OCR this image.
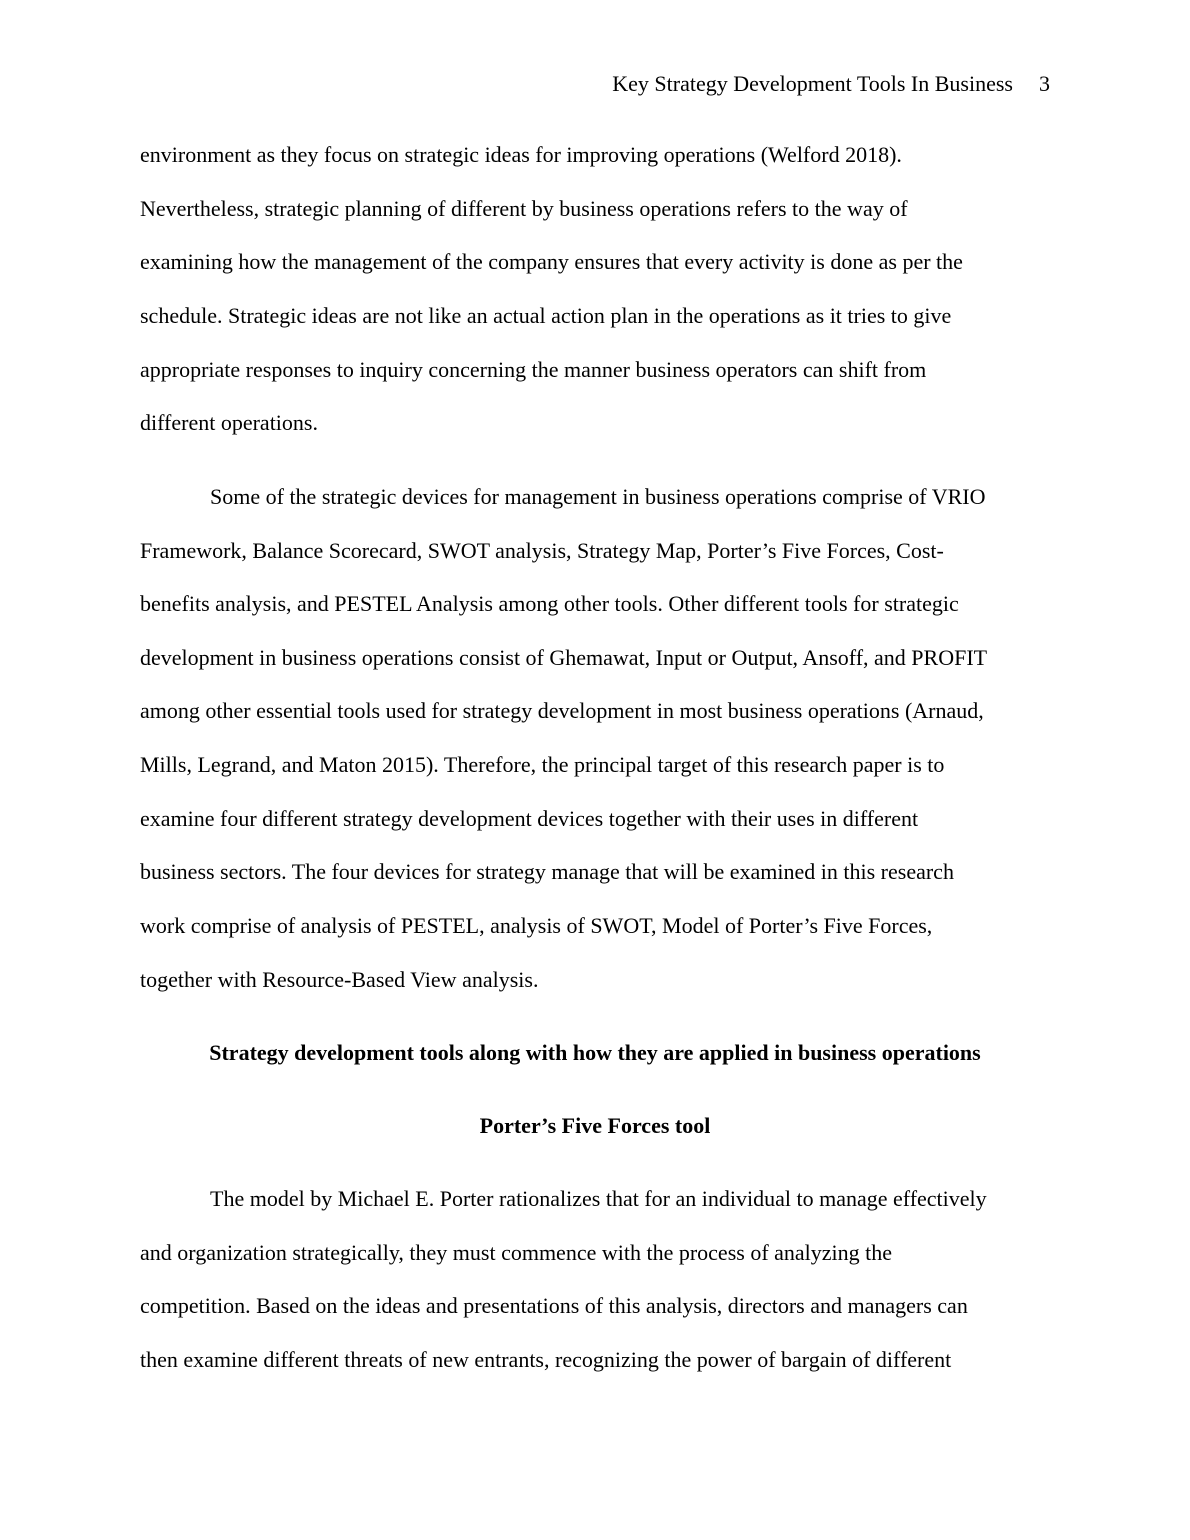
Key Strategy Development Tools In Business 3
environment as they focus on strategic ideas for improving operations (Welford 2018).
Nevertheless, strategic planning of different by business operations refers to the way of
examining how the management of the company ensures that every activity is done as per the
schedule. Strategic ideas are not like an actual action plan in the operations as it tries to give
appropriate responses to inquiry concerning the manner business operators can shift from
different operations.
Some of the strategic devices for management in business operations comprise of VRIO
Framework, Balance Scorecard, SWOT analysis, Strategy Map, Porter’s Five Forces, Cost-
benefits analysis, and PESTEL Analysis among other tools. Other different tools for strategic
development in business operations consist of Ghemawat, Input or Output, Ansoff, and PROFIT
among other essential tools used for strategy development in most business operations (Arnaud,
Mills, Legrand, and Maton 2015). Therefore, the principal target of this research paper is to
examine four different strategy development devices together with their uses in different
business sectors. The four devices for strategy manage that will be examined in this research
work comprise of analysis of PESTEL, analysis of SWOT, Model of Porter’s Five Forces,
together with Resource-Based View analysis.
Strategy development tools along with how they are applied in business operations
Porter’s Five Forces tool
The model by Michael E. Porter rationalizes that for an individual to manage effectively
and organization strategically, they must commence with the process of analyzing the
competition. Based on the ideas and presentations of this analysis, directors and managers can
then examine different threats of new entrants, recognizing the power of bargain of different
